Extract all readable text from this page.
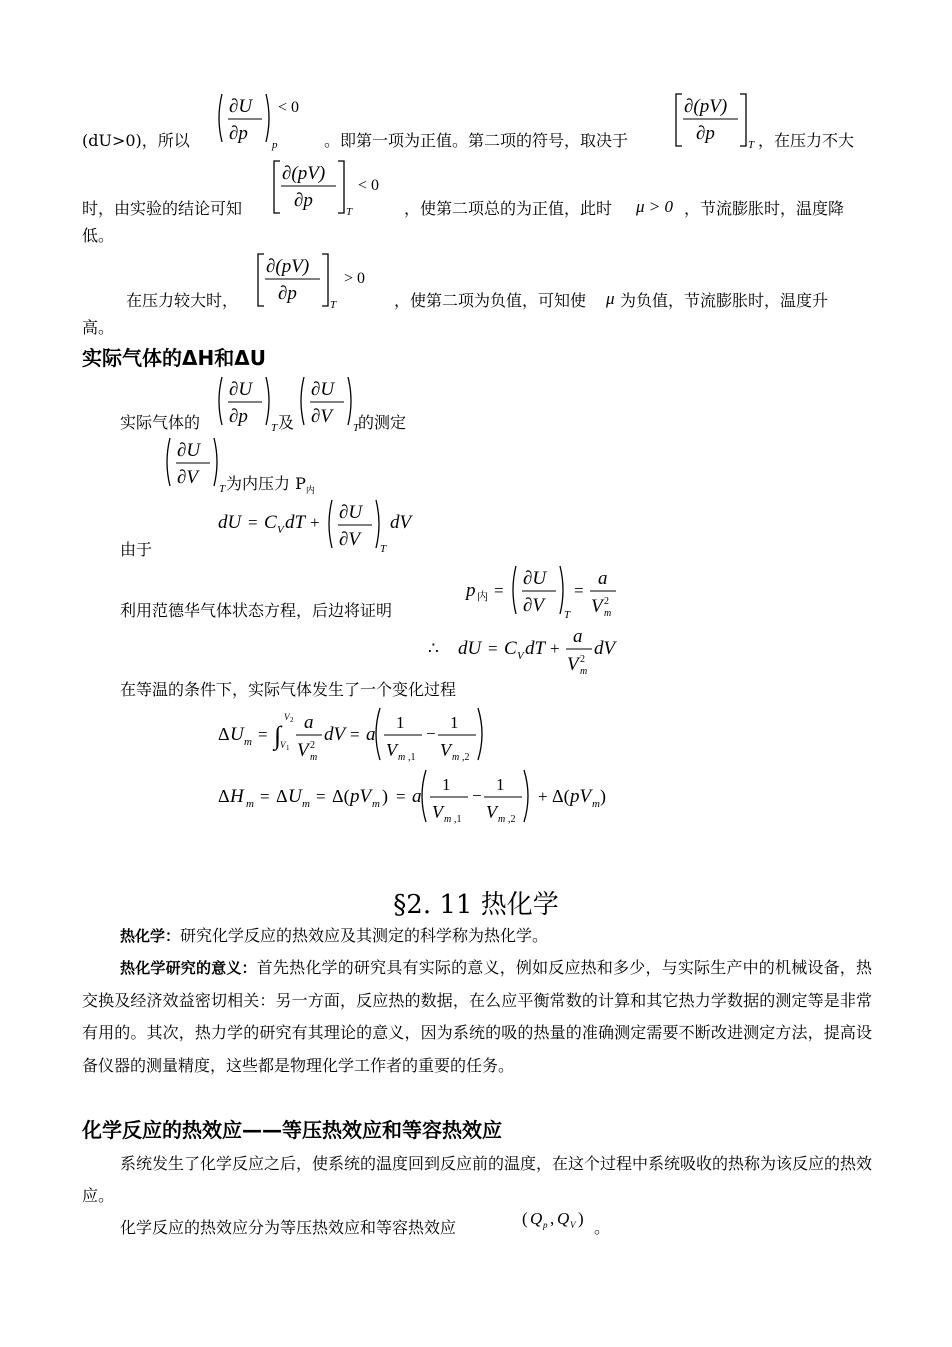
(dU>0)，所以
∂U
∂p
p
< 0
。即第一项为正值。第二项的符号，取决于
∂(pV)
∂p
T ，在压力不大
时，由实验的结论可知
∂(pV)
∂p
T
< 0
，使第二项总的为正值，此时 μ > 0 ，节流膨胀时，温度降
低。
在压力较大时，
∂(pV)
∂p
T
> 0
，使第二项为负值，可知使 μ 为负值，节流膨胀时，温度升
高。
实际气体的ΔH和ΔU
实际气体的
∂U
∂p
T 及
∂U
∂V
T
的测定
∂U
∂V
T 为内压力 $P_内$
dU = C V dT + ∂U
∂V T
dV
由于
利用范德华气体状态方程，后边将证明
p 内 =
∂U
∂V T
=
a
V m
2
∴ dU = C V dT +
a
V m
2
dV
在等温的条件下，实际气体发生了一个变化过程
Δ U m = ∫
V 2
V 1
a
V m
2
dV = a
1
V m ,1
−
1
V m ,2
Δ H m = Δ U m = Δ( pV m ) = a
1
V m ,1
−
1
V m ,2
+ Δ( pV m )
§2. 11 热化学
热化学：研究化学反应的热效应及其测定的科学称为热化学。
热化学研究的意义：首先热化学的研究具有实际的意义，例如反应热和多少，与实际生产中的机械设备，热交换及经济效益密切相关：另一方面，反应热的数据，在么应平衡常数的计算和其它热力学数据的测定等是非常有用的。其次，热力学的研究有其理论的意义，因为系统的吸的热量的准确测定需要不断改进测定方法，提高设备仪器的测量精度，这些都是物理化学工作者的重要的任务。
化学反应的热效应——等压热效应和等容热效应
系统发生了化学反应之后，使系统的温度回到反应前的温度，在这个过程中系统吸收的热称为该反应的热效应。
化学反应的热效应分为等压热效应和等容热效应	( Q p , Q V ) 。
